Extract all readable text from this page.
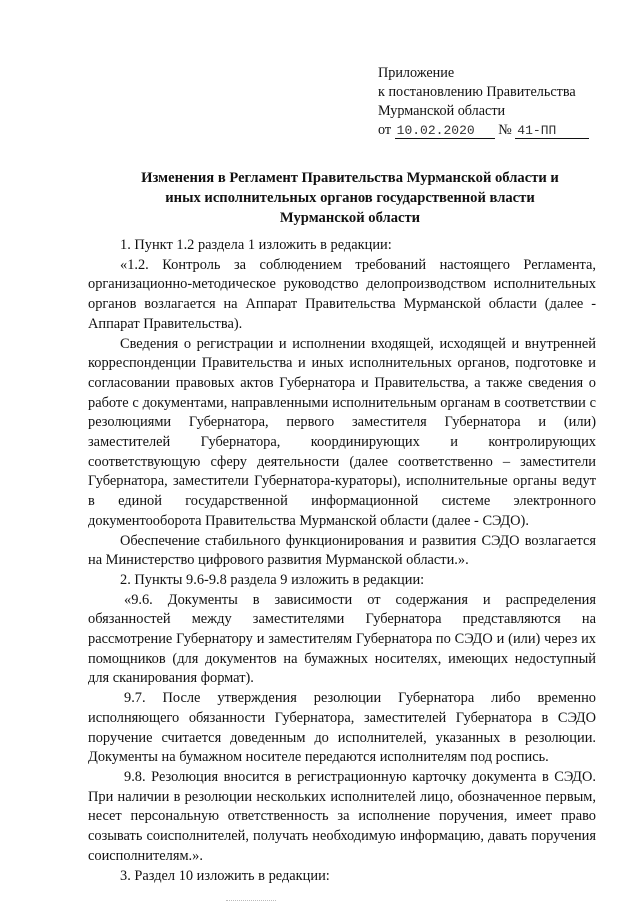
Приложение
к постановлению Правительства
Мурманской области
от 10.02.2020 № 41-ПП
Изменения в Регламент Правительства Мурманской области и
иных исполнительных органов государственной власти
Мурманской области

1. Пункт 1.2 раздела 1 изложить в редакции:

«1.2. Контроль за соблюдением требований настоящего Регламента, организационно-методическое руководство делопроизводством исполнительных органов возлагается на Аппарат Правительства Мурманской области (далее - Аппарат Правительства).

Сведения о регистрации и исполнении входящей, исходящей и внутренней корреспонденции Правительства и иных исполнительных органов, подготовке и согласовании правовых актов Губернатора и Правительства, а также сведения о работе с документами, направленными исполнительным органам в соответствии с резолюциями Губернатора, первого заместителя Губернатора и (или) заместителей Губернатора, координирующих и контролирующих соответствующую сферу деятельности (далее соответственно – заместители Губернатора, заместители Губернатора-кураторы), исполнительные органы ведут в единой государственной информационной системе электронного документооборота Правительства Мурманской области (далее - СЭДО).

Обеспечение стабильного функционирования и развития СЭДО возлагается на Министерство цифрового развития Мурманской области.».

2. Пункты 9.6-9.8 раздела 9 изложить в редакции:

«9.6. Документы в зависимости от содержания и распределения обязанностей между заместителями Губернатора представляются на рассмотрение Губернатору и заместителям Губернатора по СЭДО и (или) через их помощников (для документов на бумажных носителях, имеющих недоступный для сканирования формат).

9.7. После утверждения резолюции Губернатора либо временно исполняющего обязанности Губернатора, заместителей Губернатора в СЭДО поручение считается доведенным до исполнителей, указанных в резолюции. Документы на бумажном носителе передаются исполнителям под роспись.

9.8. Резолюция вносится в регистрационную карточку документа в СЭДО. При наличии в резолюции нескольких исполнителей лицо, обозначенное первым, несет персональную ответственность за исполнение поручения, имеет право созывать соисполнителей, получать необходимую информацию, давать поручения соисполнителям.».

3. Раздел 10 изложить в редакции:
